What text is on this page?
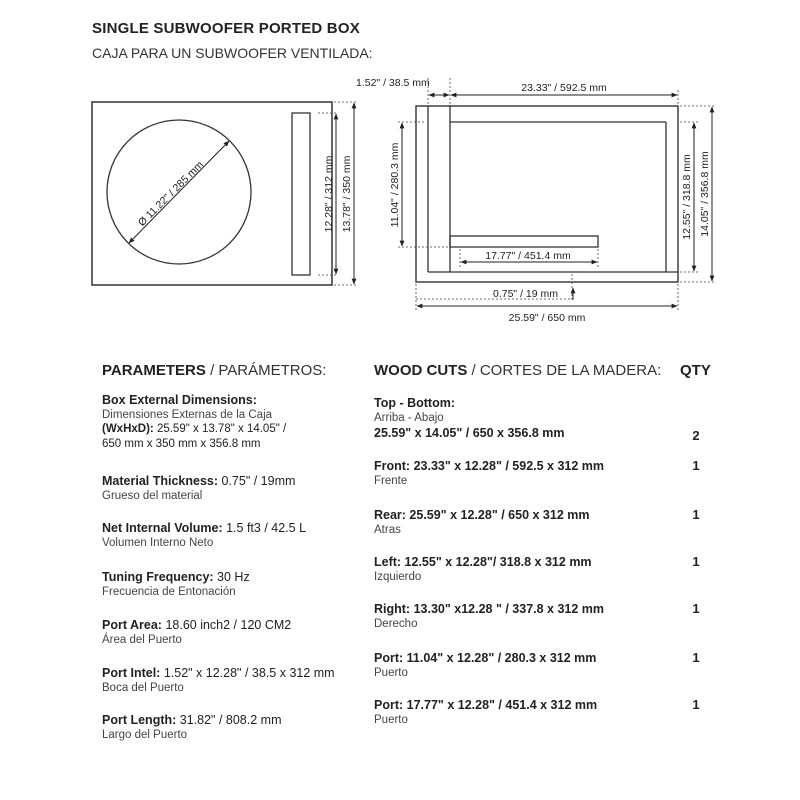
SINGLE SUBWOOFER PORTED BOX
CAJA PARA UN SUBWOOFER VENTILADA:
Ø 11.22" / 285 mm	12.28" / 312 mm 13.78" / 350 mm
1.52" / 38.5 mm	23.33" / 592.5 mm
11.04" / 280.3 mm	12.55" / 318.8 mm 14.05" / 356.8 mm
17.77" / 451.4 mm
0.75" / 19 mm
25.59" / 650 mm
PARAMETERS / PARÁMETROS:
Box External Dimensions:
Dimensiones Externas de la Caja
(WxHxD): 25.59" x 13.78" x 14.05" /
650 mm x 350 mm x 356.8 mm
Material Thickness: 0.75" / 19mm
Grueso del material
Net Internal Volume: 1.5 ft3 / 42.5 L
Volumen Interno Neto
Tuning Frequency: 30 Hz
Frecuencia de Entonación
Port Area: 18.60 inch2 / 120 CM2
Área del Puerto
Port Intel: 1.52" x 12.28" / 38.5 x 312 mm
Boca del Puerto
Port Length: 31.82" / 808.2 mm
Largo del Puerto
WOOD CUTS / CORTES DE LA MADERA: QTY
Top - Bottom:
Arriba - Abajo
25.59" x 14.05" / 650 x 356.8 mm	2
Front: 23.33" x 12.28" / 592.5 x 312 mm
Frente
1
Rear: 25.59" x 12.28" / 650 x 312 mm
Atras
1
Left: 12.55" x 12.28"/ 318.8 x 312 mm
Izquierdo
1
Right: 13.30" x12.28 " / 337.8 x 312 mm
Derecho
1
Port: 11.04" x 12.28" / 280.3 x 312 mm
Puerto
1
Port: 17.77" x 12.28" / 451.4 x 312 mm
Puerto
1
